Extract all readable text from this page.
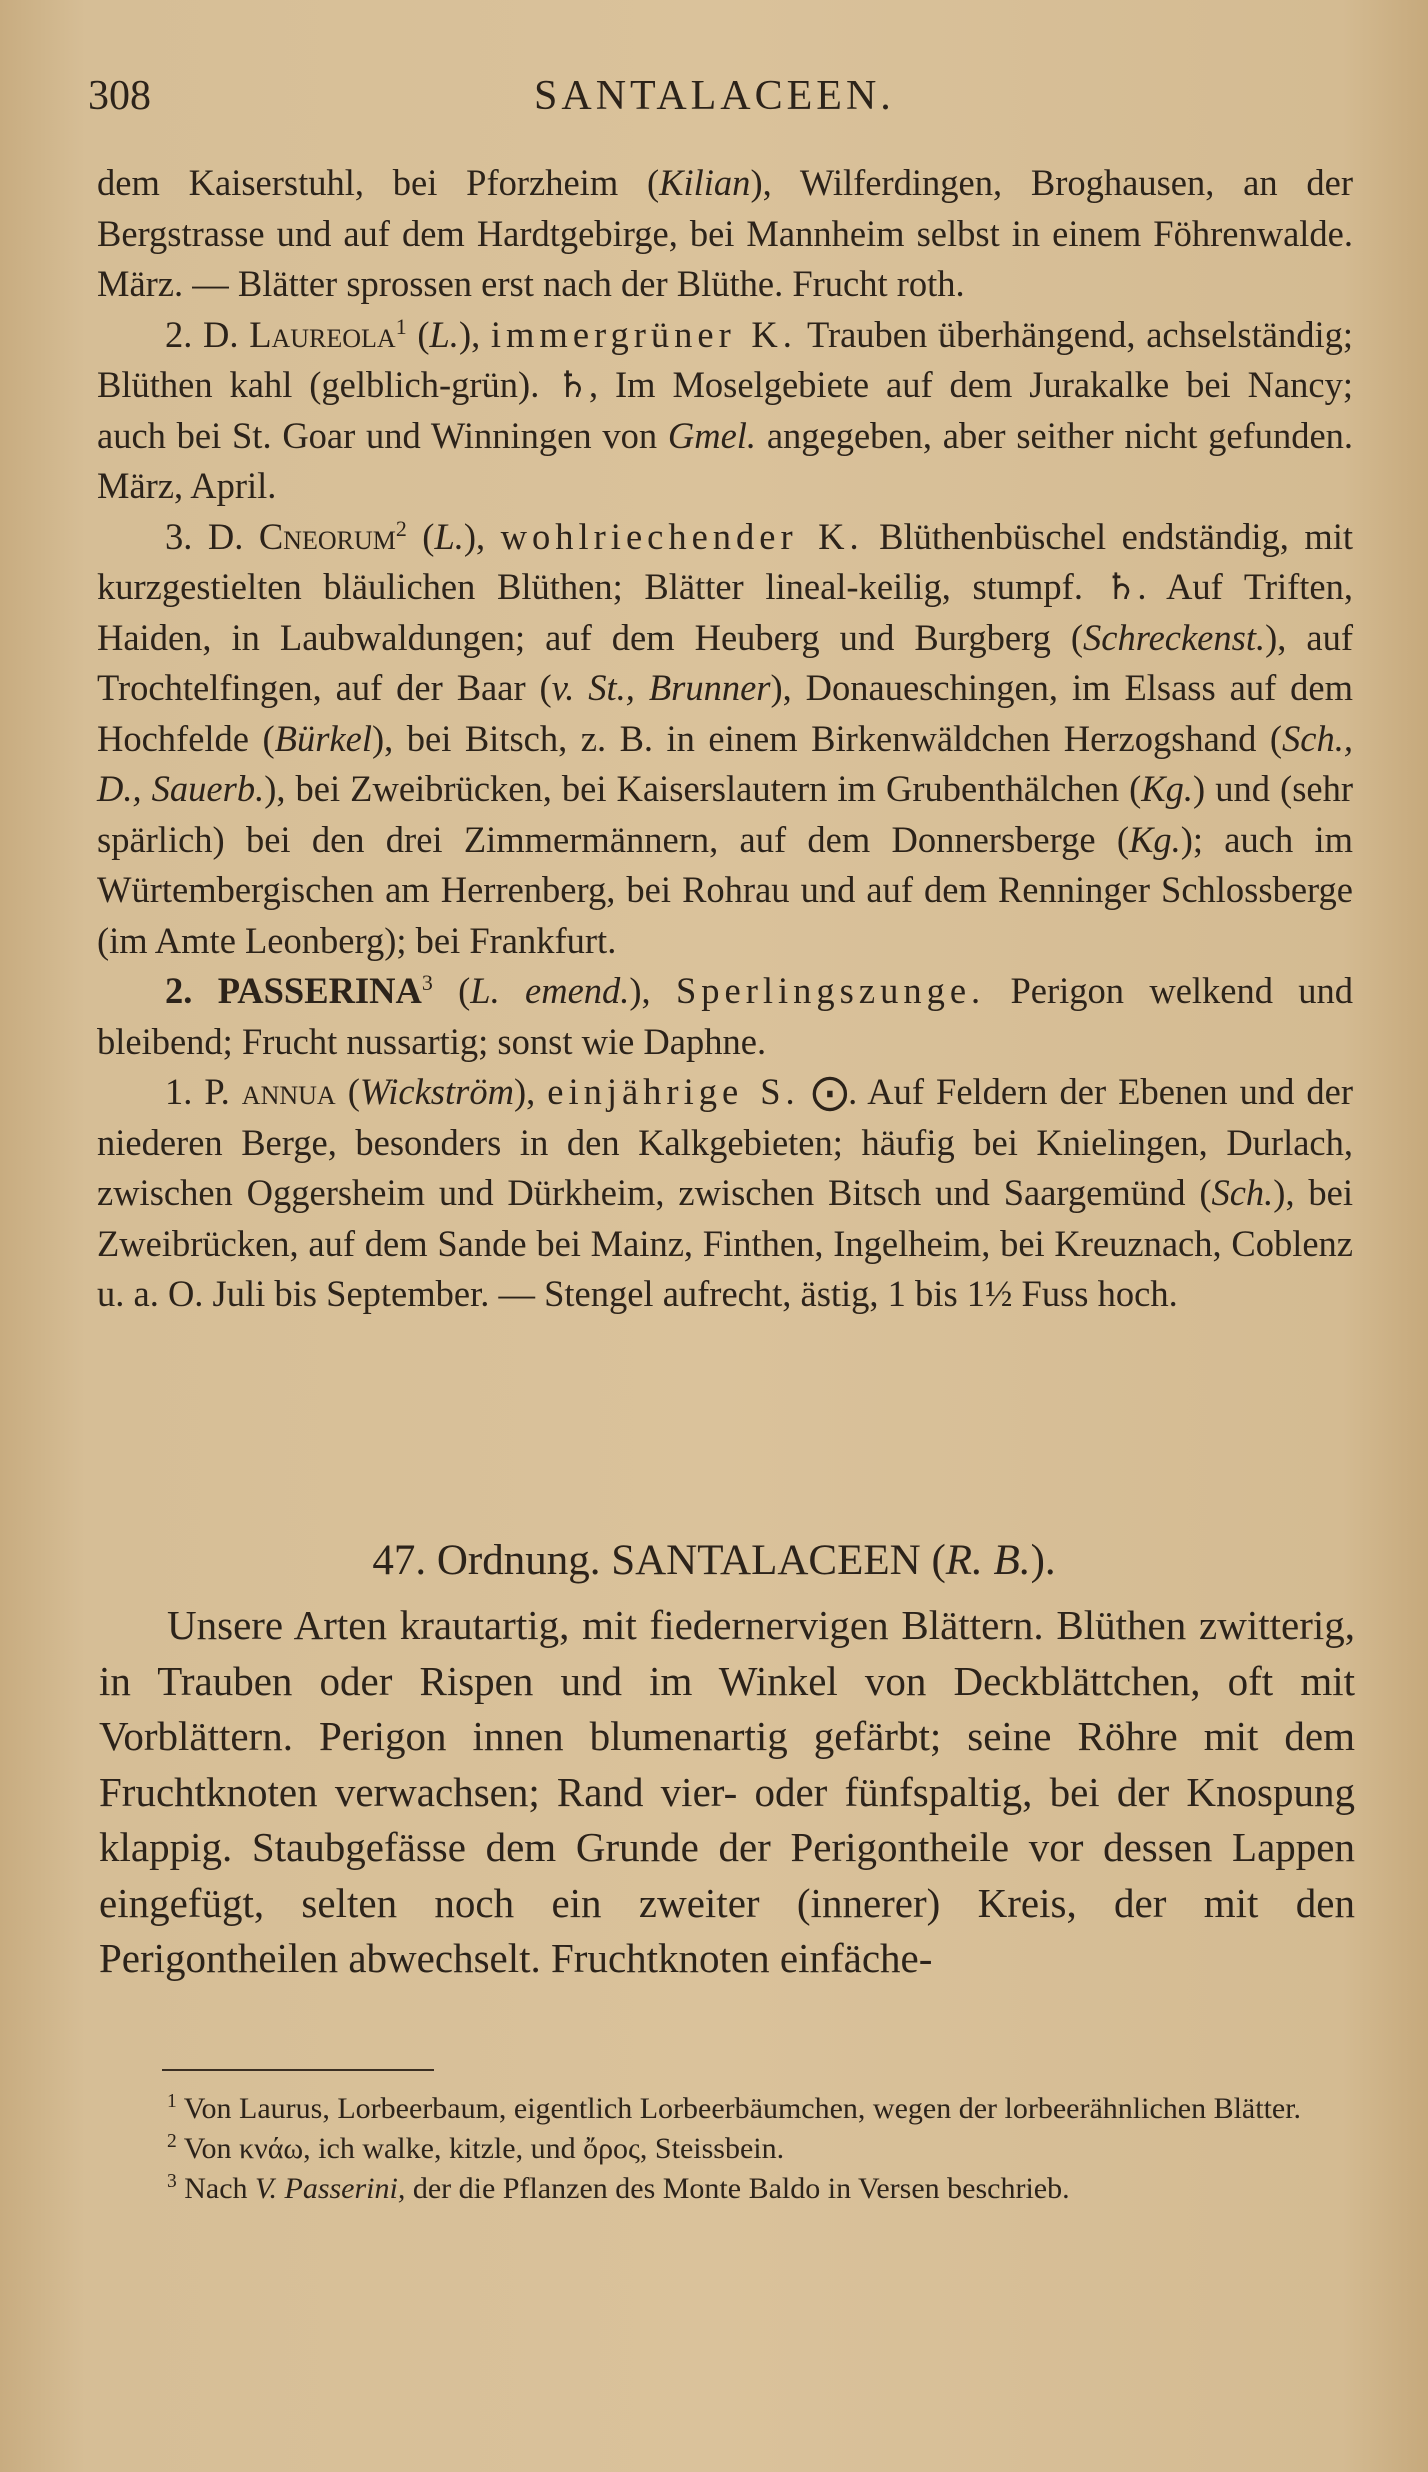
308	SANTALACEEN.

dem Kaiserstuhl, bei Pforzheim (Kilian), Wilferdingen, Broghausen, an der Bergstrasse und auf dem Hardtgebirge, bei Mannheim selbst in einem Föhrenwalde. März. — Blätter sprossen erst nach der Blüthe. Frucht roth.

2. D. Laureola$^1$ (L.), immergrüner K. Trauben überhängend, achselständig; Blüthen kahl (gelblich-grün). ♄, Im Moselgebiete auf dem Jurakalke bei Nancy; auch bei St. Goar und Winningen von Gmel. angegeben, aber seither nicht gefunden. März, April.

3. D. Cneorum$^2$ (L.), wohlriechender K. Blüthenbüschel endständig, mit kurzgestielten bläulichen Blüthen; Blätter lineal-keilig, stumpf. ♄. Auf Triften, Haiden, in Laubwaldungen; auf dem Heuberg und Burgberg (Schreckenst.), auf Trochtelfingen, auf der Baar (v. St., Brunner), Donaueschingen, im Elsass auf dem Hochfelde (Bürkel), bei Bitsch, z. B. in einem Birkenwäldchen Herzogshand (Sch., D., Sauerb.), bei Zweibrücken, bei Kaiserslautern im Grubenthälchen (Kg.) und (sehr spärlich) bei den drei Zimmermännern, auf dem Donnersberge (Kg.); auch im Würtembergischen am Herrenberg, bei Rohrau und auf dem Renninger Schlossberge (im Amte Leonberg); bei Frankfurt.

2. PASSERINA$^3$ (L. emend.), Sperlingszunge. Perigon welkend und bleibend; Frucht nussartig; sonst wie Daphne.

1. P. annua (Wickström), einjährige S. ⨀. Auf Feldern der Ebenen und der niederen Berge, besonders in den Kalkgebieten; häufig bei Knielingen, Durlach, zwischen Oggersheim und Dürkheim, zwischen Bitsch und Saargemünd (Sch.), bei Zweibrücken, auf dem Sande bei Mainz, Finthen, Ingelheim, bei Kreuznach, Coblenz u. a. O. Juli bis September. — Stengel aufrecht, ästig, 1 bis 1½ Fuss hoch.

47. Ordnung. SANTALACEEN (R. B.).

Unsere Arten krautartig, mit fiedernervigen Blättern. Blüthen zwitterig, in Trauben oder Rispen und im Winkel von Deckblättchen, oft mit Vorblättern. Perigon innen blumenartig gefärbt; seine Röhre mit dem Fruchtknoten verwachsen; Rand vier- oder fünfspaltig, bei der Knospung klappig. Staubgefässe dem Grunde der Perigontheile vor dessen Lappen eingefügt, selten noch ein zweiter (innerer) Kreis, der mit den Perigontheilen abwechselt. Fruchtknoten einfäche-

$^1$ Von Laurus, Lorbeerbaum, eigentlich Lorbeerbäumchen, wegen der lorbeerähnlichen Blätter.

$^2$ Von κνάω, ich walke, kitzle, und ὄρος, Steissbein.

$^3$ Nach V. Passerini, der die Pflanzen des Monte Baldo in Versen beschrieb.
